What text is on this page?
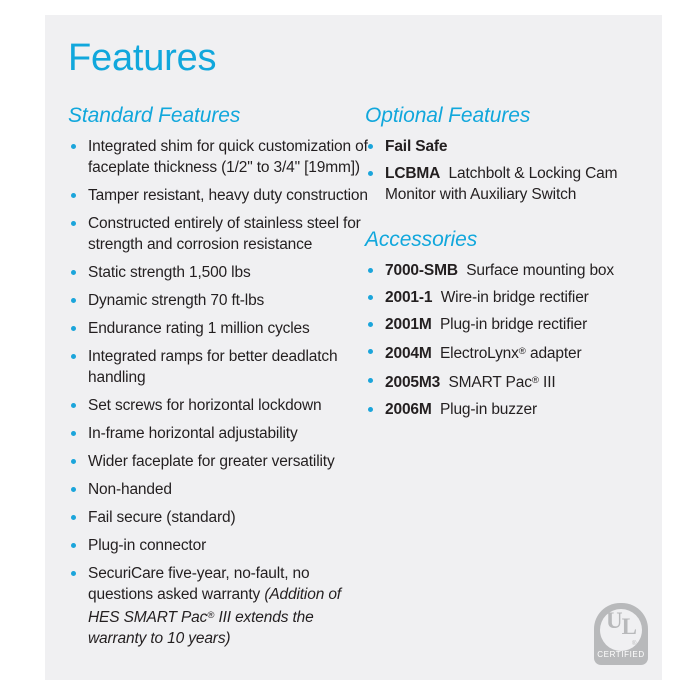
Features
Standard Features
Integrated shim for quick customization of faceplate thickness (1/2" to 3/4" [19mm])
Tamper resistant, heavy duty construction
Constructed entirely of stainless steel for strength and corrosion resistance
Static strength 1,500 lbs
Dynamic strength 70 ft-lbs
Endurance rating 1 million cycles
Integrated ramps for better deadlatch handling
Set screws for horizontal lockdown
In-frame horizontal adjustability
Wider faceplate for greater versatility
Non-handed
Fail secure (standard)
Plug-in connector
SecuriCare five-year, no-fault, no questions asked warranty (Addition of HES SMART Pac® III extends the warranty to 10 years)
Optional Features
Fail Safe
LCBMA Latchbolt & Locking Cam Monitor with Auxiliary Switch
Accessories
7000-SMB Surface mounting box
2001-1 Wire-in bridge rectifier
2001M Plug-in bridge rectifier
2004M ElectroLynx® adapter
2005M3 SMART Pac® III
2006M Plug-in buzzer
UL
®
CERTIFIED
